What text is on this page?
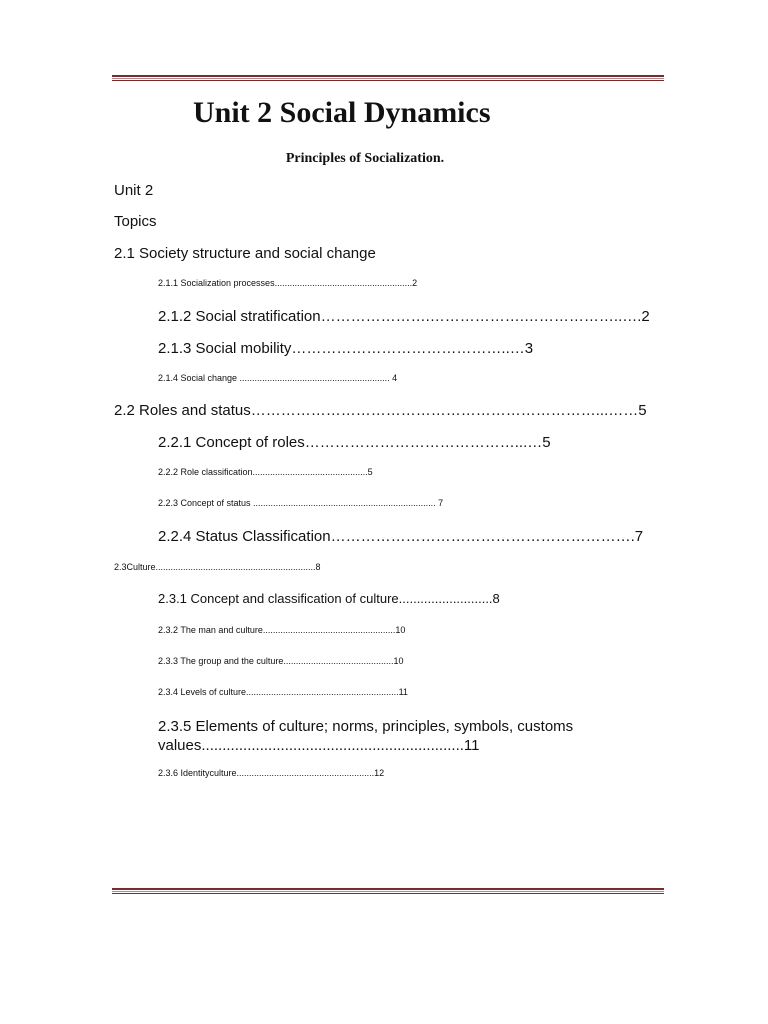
Unit 2 Social Dynamics
Principles of Socialization.
Unit 2
Topics
2.1 Society structure and social change
2.1.1 Socialization processes.......................................................2
2.1.2 Social stratification………………….……………….………………..….2
2.1.3 Social mobility……………………………………..…3
2.1.4 Social change ............................................................ 4
2.2 Roles and status……………………………………………………………...……5
2.2.1 Concept of roles……………………………………...…5
2.2.2 Role classification..............................................5
2.2.3 Concept of status ......................................................................... 7
2.2.4 Status Classification…………………………………………………….7
2.3Culture................................................................8
2.3.1 Concept and classification of culture..........................8
2.3.2 The man and culture.....................................................10
2.3.3 The group and the culture............................................10
2.3.4 Levels of culture.............................................................11
2.3.5 Elements of culture; norms, principles, symbols, customs values...............................................................11
2.3.6 Identityculture.......................................................12
